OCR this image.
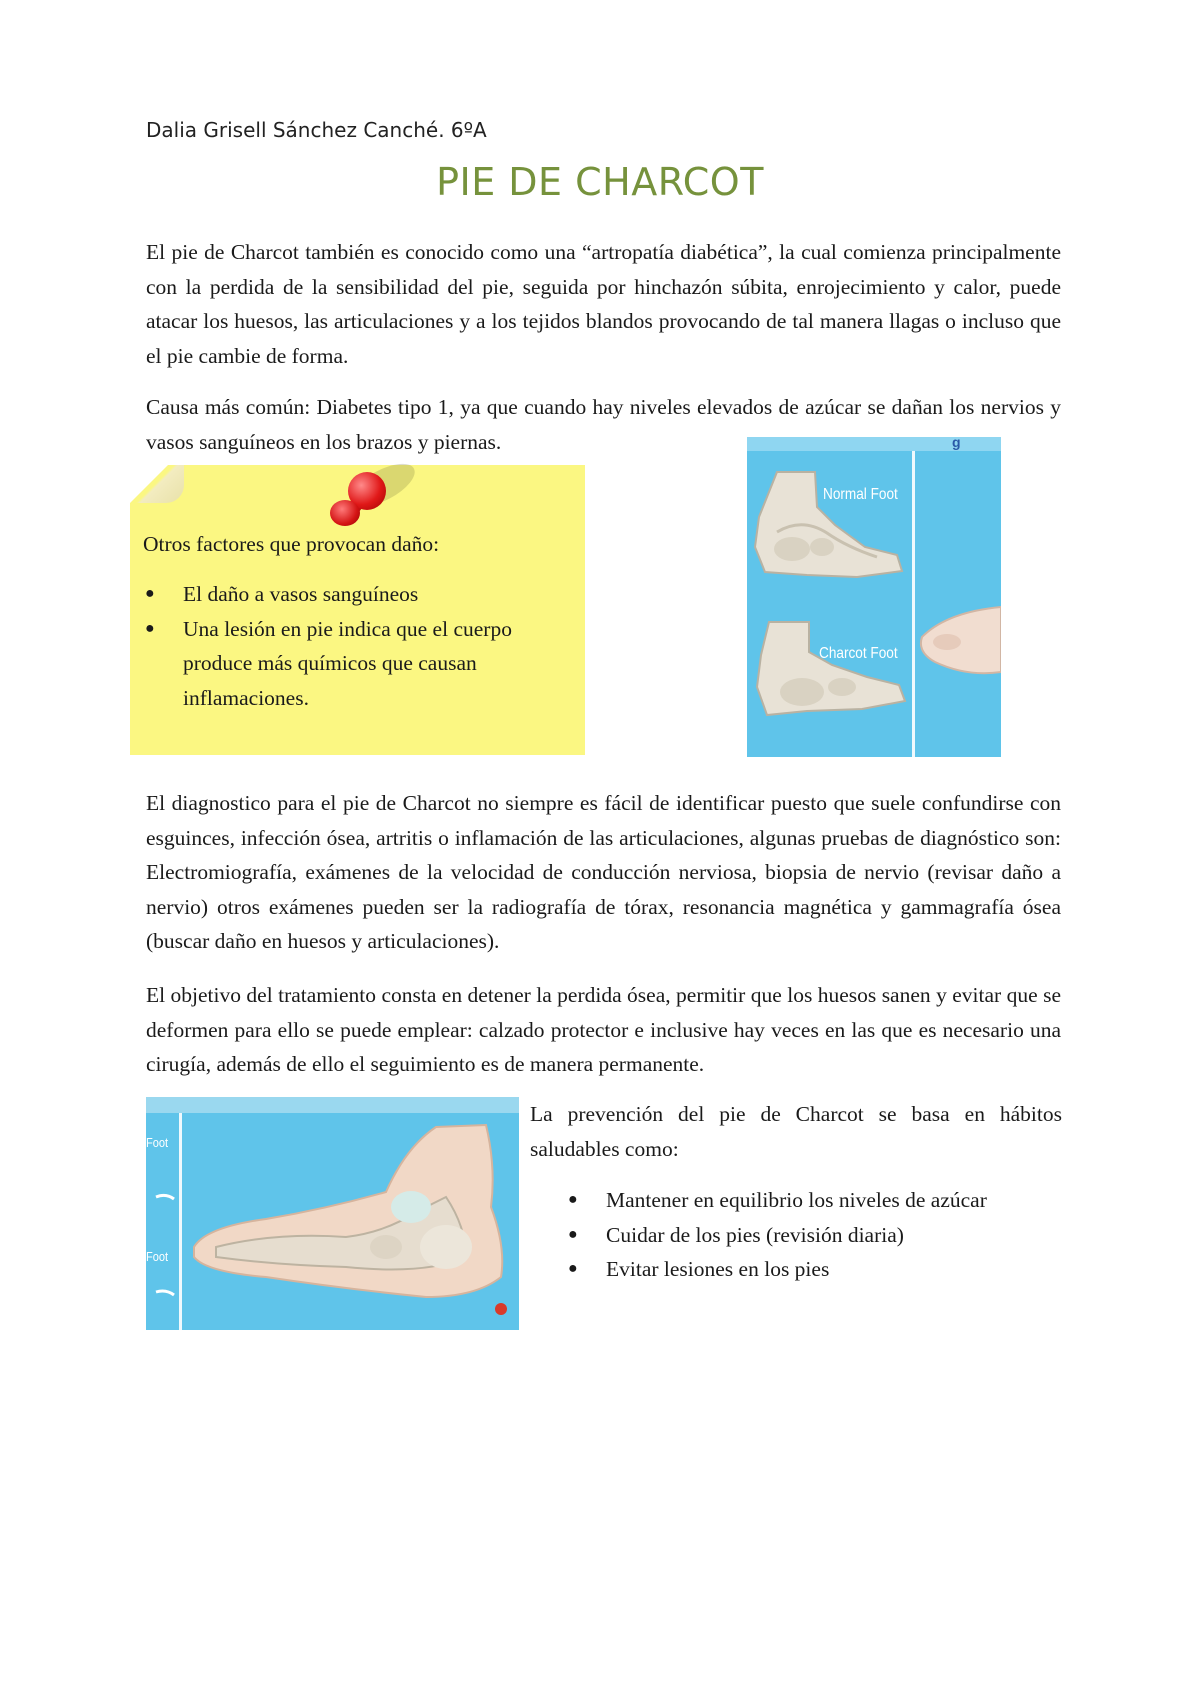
Dalia Grisell Sánchez Canché. 6ºA
PIE DE CHARCOT

El pie de Charcot también es conocido como una “artropatía diabética”, la cual comienza principalmente con la perdida de la sensibilidad del pie, seguida por hinchazón súbita, enrojecimiento y calor, puede atacar los huesos, las articulaciones y a los tejidos blandos provocando de tal manera llagas o incluso que el pie cambie de forma.

Causa más común: Diabetes tipo 1, ya que cuando hay niveles elevados de azúcar se dañan los nervios y vasos sanguíneos en los brazos y piernas.

Otros factores que provocan daño:
● El daño a vasos sanguíneos
● Una lesión en pie indica que el cuerpo produce más químicos que causan inflamaciones.
g
Normal Foot
Charcot Foot

El diagnostico para el pie de Charcot no siempre es fácil de identificar puesto que suele confundirse con esguinces, infección ósea, artritis o inflamación de las articulaciones, algunas pruebas de diagnóstico son: Electromiografía, exámenes de la velocidad de conducción nerviosa, biopsia de nervio (revisar daño a nervio) otros exámenes pueden ser la radiografía de tórax, resonancia magnética y gammagrafía ósea (buscar daño en huesos y articulaciones).

El objetivo del tratamiento consta en detener la perdida ósea, permitir que los huesos sanen y evitar que se deformen para ello se puede emplear: calzado protector e inclusive hay veces en las que es necesario una cirugía, además de ello el seguimiento es de manera permanente.

Foot
Foot

La prevención del pie de Charcot se basa en hábitos saludables como:

● Mantener en equilibrio los niveles de azúcar
● Cuidar de los pies (revisión diaria)
● Evitar lesiones en los pies
